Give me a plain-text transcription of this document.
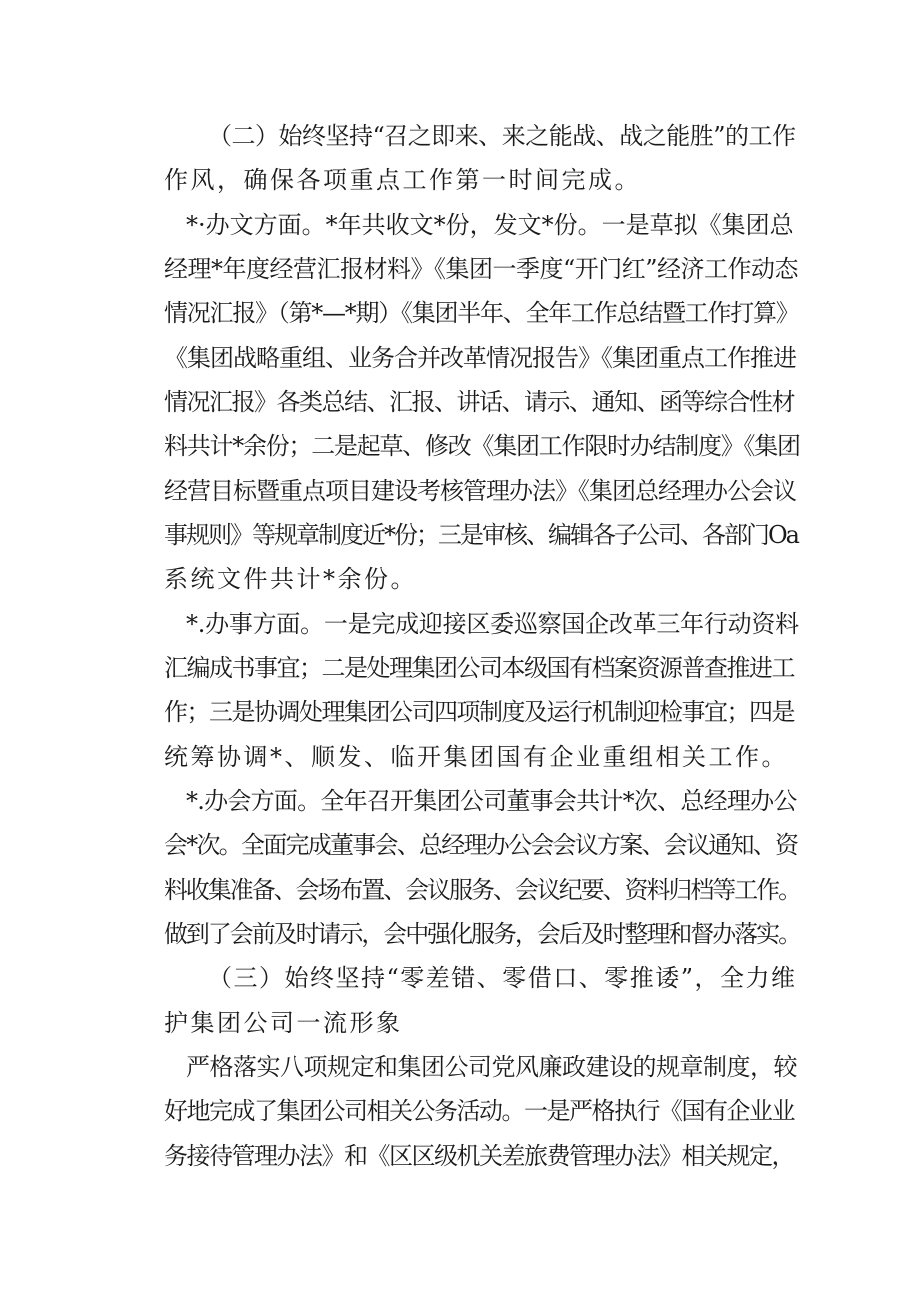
（二）始终坚持“召之即来、来之能战、战之能胜”的工作
作风，确保各项重点工作第一时间完成。
*·办文方面。*年共收文*份，发文*份。一是草拟《集团总
经理*年度经营汇报材料》《集团一季度“开门红”经济工作动态
情况汇报》（第*—*期）《集团半年、全年工作总结暨工作打算》
《集团战略重组、业务合并改革情况报告》《集团重点工作推进
情况汇报》各类总结、汇报、讲话、请示、通知、函等综合性材
料共计*余份；二是起草、修改《集团工作限时办结制度》《集团
经营目标暨重点项目建设考核管理办法》《集团总经理办公会议
事规则》等规章制度近*份；三是审核、编辑各子公司、各部门Oa
系统文件共计*余份。
*.办事方面。一是完成迎接区委巡察国企改革三年行动资料
汇编成书事宜；二是处理集团公司本级国有档案资源普查推进工
作；三是协调处理集团公司四项制度及运行机制迎检事宜；四是
统筹协调*、顺发、临开集团国有企业重组相关工作。
*.办会方面。全年召开集团公司董事会共计*次、总经理办公
会*次。全面完成董事会、总经理办公会会议方案、会议通知、资
料收集准备、会场布置、会议服务、会议纪要、资料归档等工作。
做到了会前及时请示，会中强化服务，会后及时整理和督办落实。
（三）始终坚持“零差错、零借口、零推诿”，全力维
护集团公司一流形象
严格落实八项规定和集团公司党风廉政建设的规章制度，较
好地完成了集团公司相关公务活动。一是严格执行《国有企业业
务接待管理办法》和《区区级机关差旅费管理办法》相关规定，
